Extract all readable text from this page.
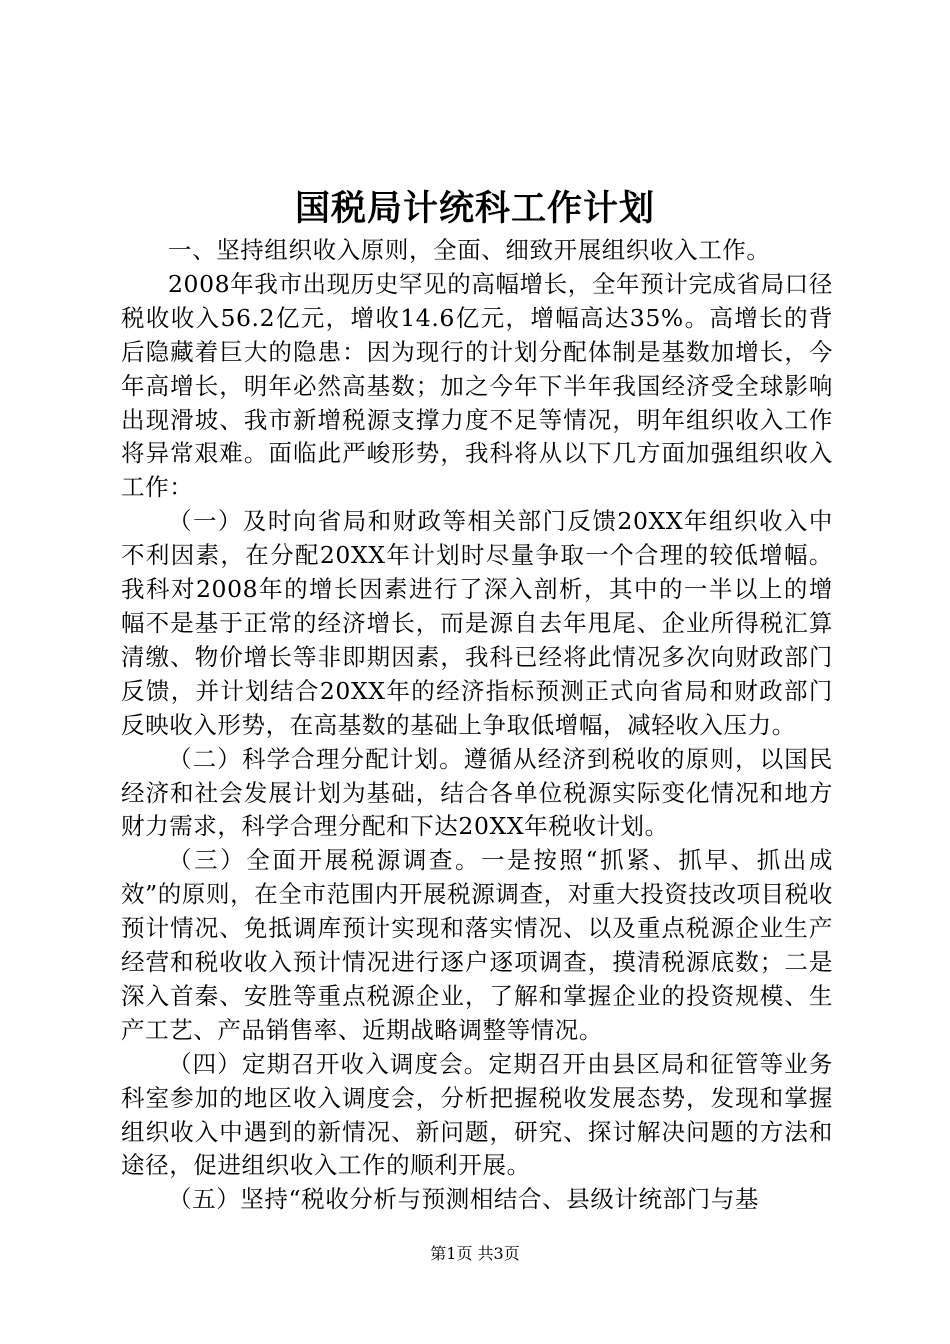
国税局计统科工作计划

一、坚持组织收入原则，全面、细致开展组织收入工作。

2008年我市出现历史罕见的高幅增长，全年预计完成省局口径税收收入56.2亿元，增收14.6亿元，增幅高达35%。高增长的背后隐藏着巨大的隐患：因为现行的计划分配体制是基数加增长，今年高增长，明年必然高基数；加之今年下半年我国经济受全球影响出现滑坡、我市新增税源支撑力度不足等情况，明年组织收入工作将异常艰难。面临此严峻形势，我科将从以下几方面加强组织收入工作：

（一）及时向省局和财政等相关部门反馈20XX年组织收入中不利因素，在分配20XX年计划时尽量争取一个合理的较低增幅。我科对2008年的增长因素进行了深入剖析，其中的一半以上的增幅不是基于正常的经济增长，而是源自去年甩尾、企业所得税汇算清缴、物价增长等非即期因素，我科已经将此情况多次向财政部门反馈，并计划结合20XX年的经济指标预测正式向省局和财政部门反映收入形势，在高基数的基础上争取低增幅，减轻收入压力。

（二）科学合理分配计划。遵循从经济到税收的原则，以国民经济和社会发展计划为基础，结合各单位税源实际变化情况和地方财力需求，科学合理分配和下达20XX年税收计划。

（三）全面开展税源调查。一是按照“抓紧、抓早、抓出成效”的原则，在全市范围内开展税源调查，对重大投资技改项目税收预计情况、免抵调库预计实现和落实情况、以及重点税源企业生产经营和税收收入预计情况进行逐户逐项调查，摸清税源底数；二是深入首秦、安胜等重点税源企业，了解和掌握企业的投资规模、生产工艺、产品销售率、近期战略调整等情况。

（四）定期召开收入调度会。定期召开由县区局和征管等业务科室参加的地区收入调度会，分析把握税收发展态势，发现和掌握组织收入中遇到的新情况、新问题，研究、探讨解决问题的方法和途径，促进组织收入工作的顺利开展。

（五）坚持“税收分析与预测相结合、县级计统部门与基

第1页 共3页
